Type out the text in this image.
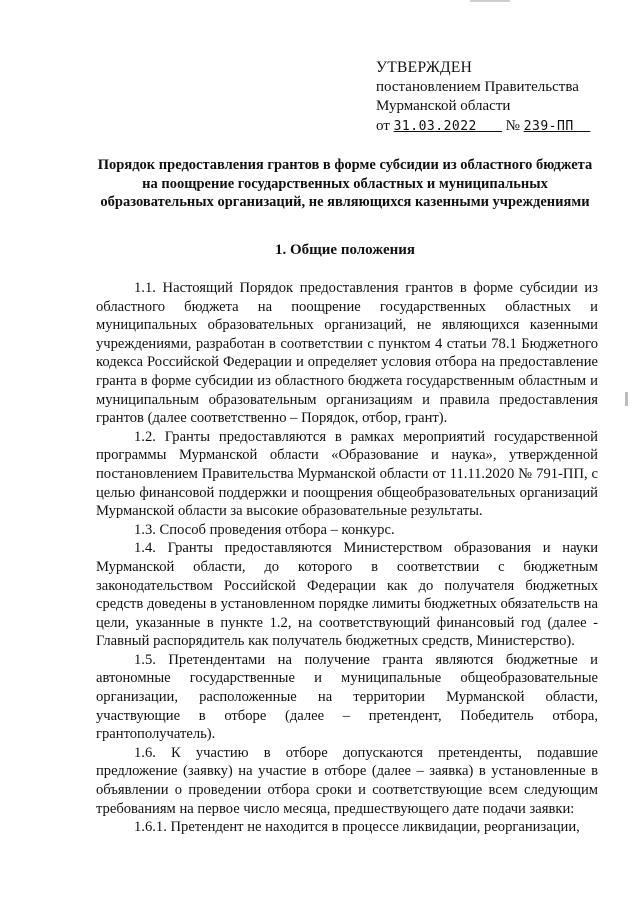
УТВЕРЖДЕН
постановлением Правительства
Мурманской области
от 31.03.2022 № 239-ПП
Порядок предоставления грантов в форме субсидии из областного бюджета на поощрение государственных областных и муниципальных образовательных организаций, не являющихся казенными учреждениями
1. Общие положения

1.1. Настоящий Порядок предоставления грантов в форме субсидии из областного бюджета на поощрение государственных областных и муниципальных образовательных организаций, не являющихся казенными учреждениями, разработан в соответствии с пунктом 4 статьи 78.1 Бюджетного кодекса Российской Федерации и определяет условия отбора на предоставление гранта в форме субсидии из областного бюджета государственным областным и муниципальным образовательным организациям и правила предоставления грантов (далее соответственно – Порядок, отбор, грант).

1.2. Гранты предоставляются в рамках мероприятий государственной программы Мурманской области «Образование и наука», утвержденной постановлением Правительства Мурманской области от 11.11.2020 № 791-ПП, с целью финансовой поддержки и поощрения общеобразовательных организаций Мурманской области за высокие образовательные результаты.

1.3. Способ проведения отбора – конкурс.

1.4. Гранты предоставляются Министерством образования и науки Мурманской области, до которого в соответствии с бюджетным законодательством Российской Федерации как до получателя бюджетных средств доведены в установленном порядке лимиты бюджетных обязательств на цели, указанные в пункте 1.2, на соответствующий финансовый год (далее - Главный распорядитель как получатель бюджетных средств, Министерство).

1.5. Претендентами на получение гранта являются бюджетные и автономные государственные и муниципальные общеобразовательные организации, расположенные на территории Мурманской области, участвующие в отборе (далее – претендент, Победитель отбора, грантополучатель).

1.6. К участию в отборе допускаются претенденты, подавшие предложение (заявку) на участие в отборе (далее – заявка) в установленные в объявлении о проведении отбора сроки и соответствующие всем следующим требованиям на первое число месяца, предшествующего дате подачи заявки:

1.6.1. Претендент не находится в процессе ликвидации, реорганизации,
